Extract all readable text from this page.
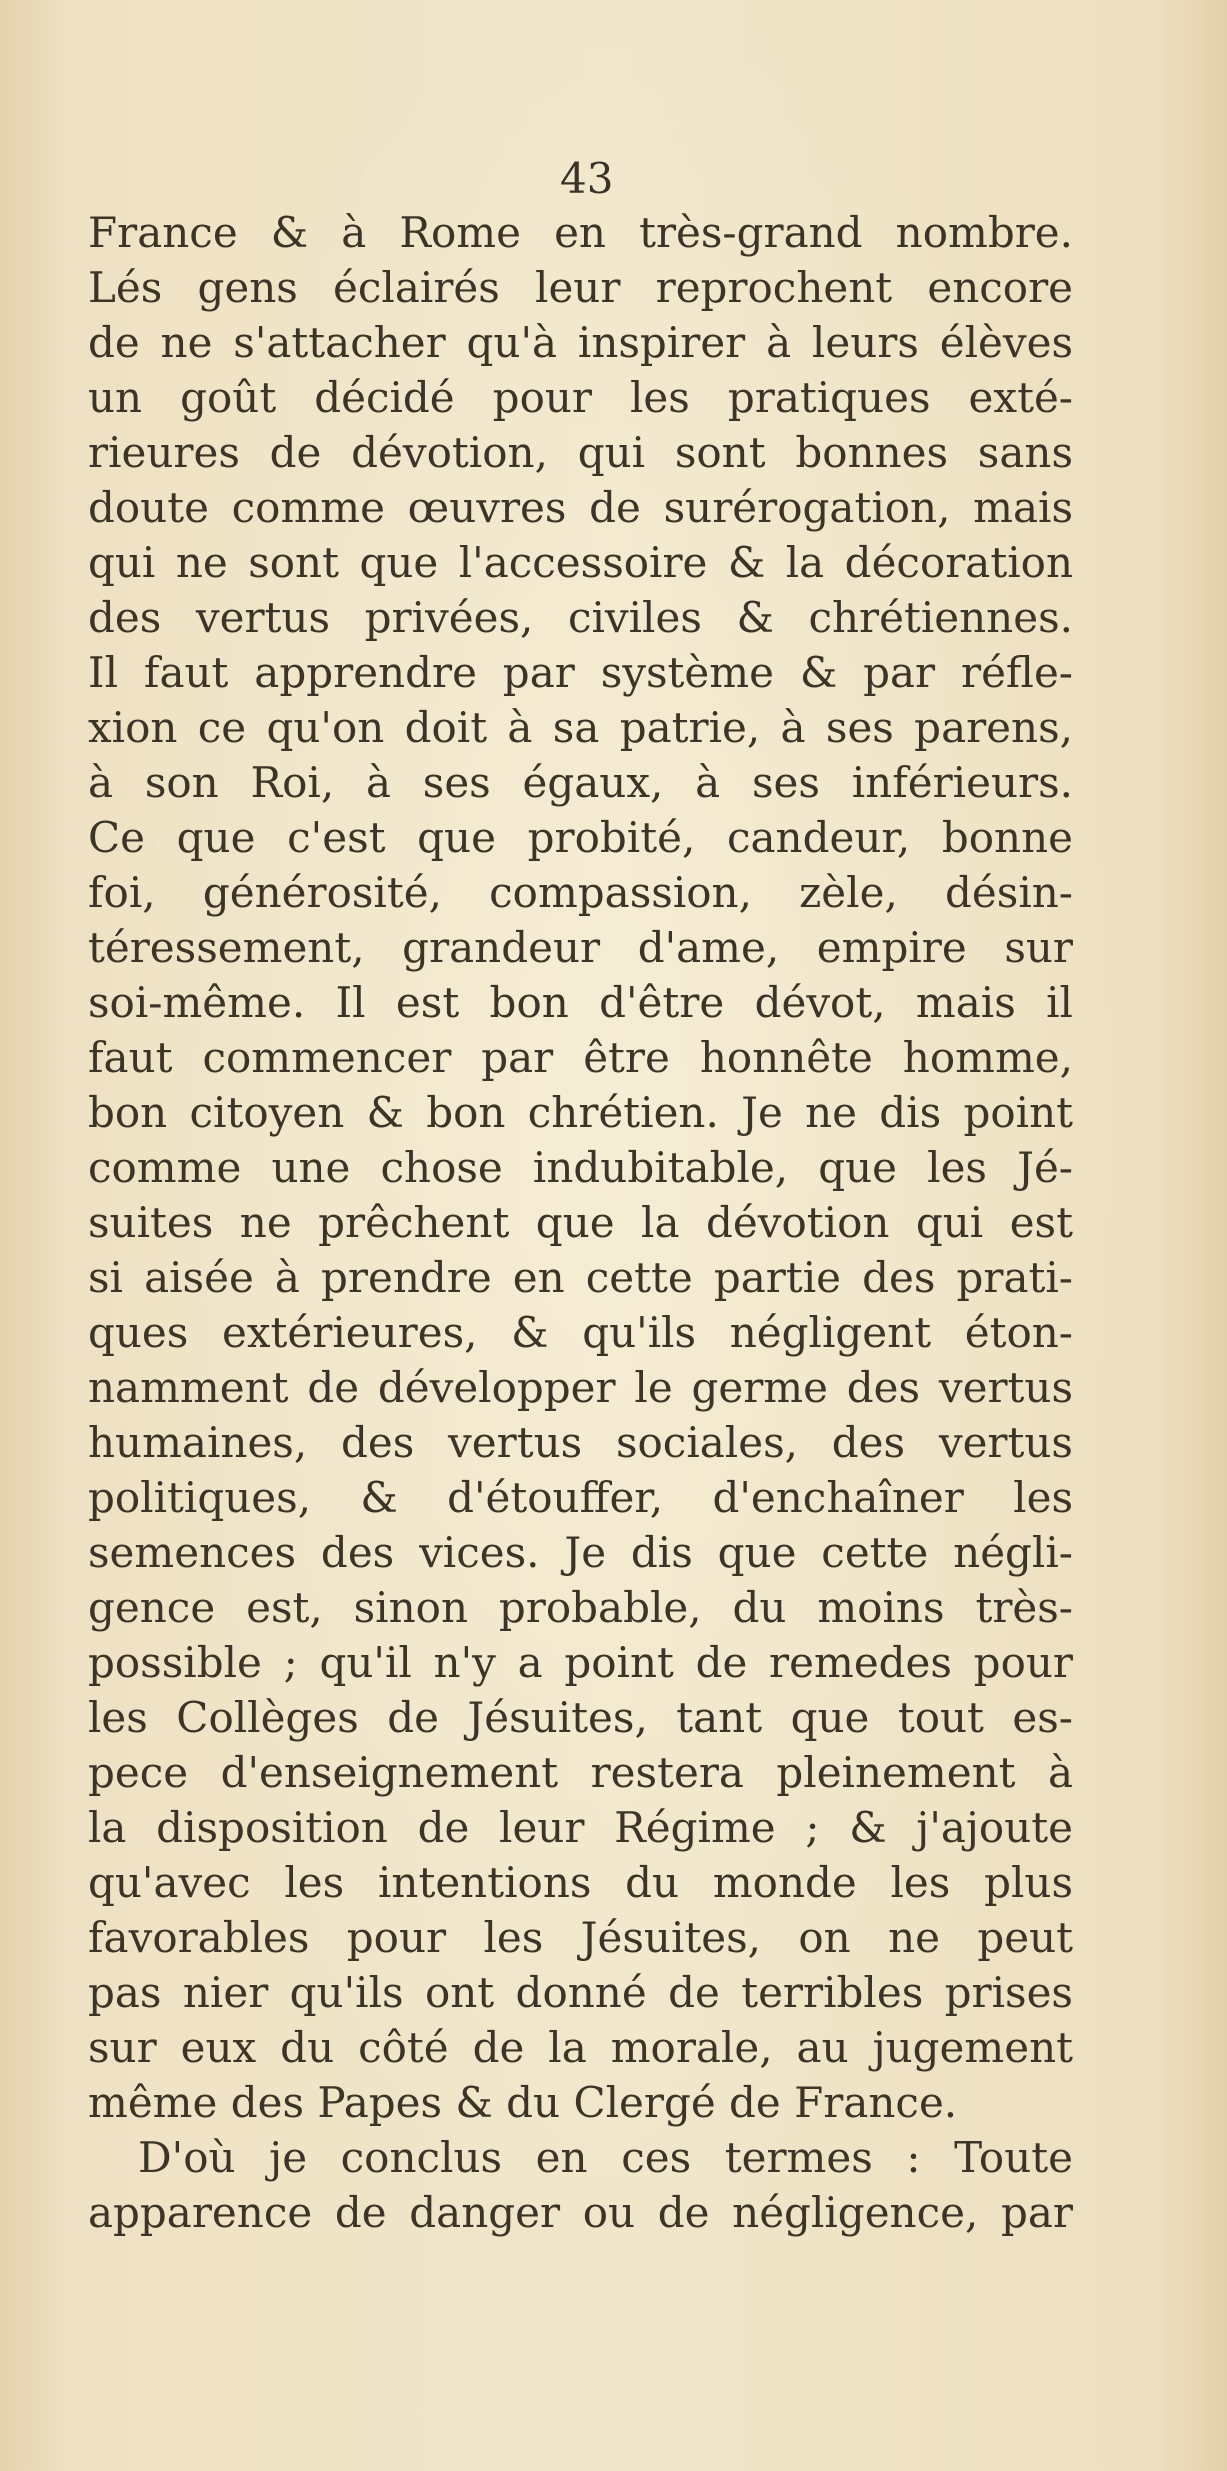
43
France & à Rome en très-grand nombre.
Lés gens éclairés leur reprochent encore
de ne s'attacher qu'à inspirer à leurs élèves
un goût décidé pour les pratiques exté-
rieures de dévotion, qui sont bonnes sans
doute comme œuvres de surérogation, mais
qui ne sont que l'accessoire & la décoration
des vertus privées, civiles & chrétiennes.
Il faut apprendre par système & par réfle-
xion ce qu'on doit à sa patrie, à ses parens,
à son Roi, à ses égaux, à ses inférieurs.
Ce que c'est que probité, candeur, bonne
foi, générosité, compassion, zèle, désin-
téressement, grandeur d'ame, empire sur
soi-même. Il est bon d'être dévot, mais il
faut commencer par être honnête homme,
bon citoyen & bon chrétien. Je ne dis point
comme une chose indubitable, que les Jé-
suites ne prêchent que la dévotion qui est
si aisée à prendre en cette partie des prati-
ques extérieures, & qu'ils négligent éton-
namment de développer le germe des vertus
humaines, des vertus sociales, des vertus
politiques, & d'étouffer, d'enchaîner les
semences des vices. Je dis que cette négli-
gence est, sinon probable, du moins très-
possible ; qu'il n'y a point de remedes pour
les Collèges de Jésuites, tant que tout es-
pece d'enseignement restera pleinement à
la disposition de leur Régime ; & j'ajoute
qu'avec les intentions du monde les plus
favorables pour les Jésuites, on ne peut
pas nier qu'ils ont donné de terribles prises
sur eux du côté de la morale, au jugement
même des Papes & du Clergé de France.
D'où je conclus en ces termes : Toute
apparence de danger ou de négligence, par
